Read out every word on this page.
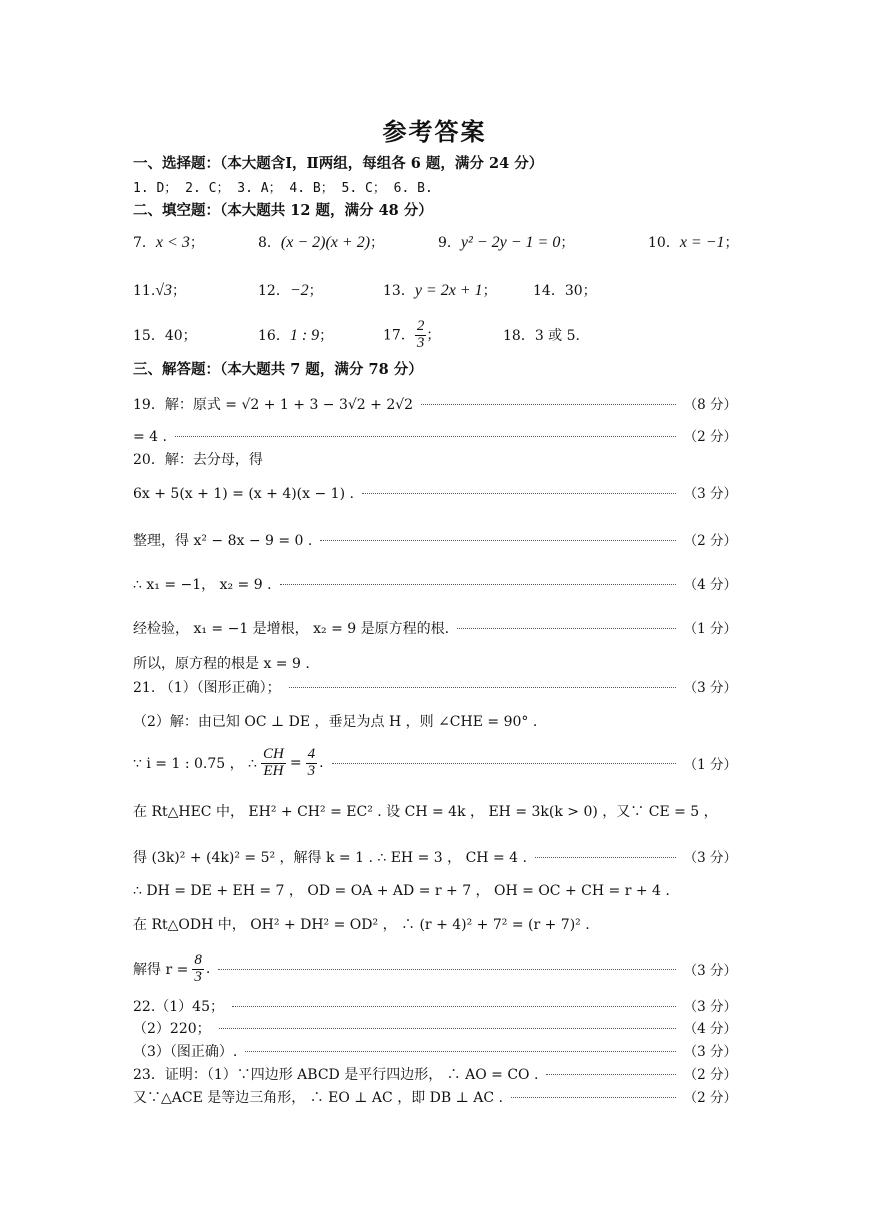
参考答案
一、选择题：（本大题含Ⅰ，Ⅱ两组，每组各 6 题，满分 24 分）
1. D； 2. C； 3. A； 4. B； 5. C； 6. B.
二、填空题：（本大题共 12 题，满分 48 分）
7．x < 3；	8．(x − 2)(x + 2)；	9．y² − 2y − 1 = 0；	10．x = −1；
11.√3；	12．−2；	13．y = 2x + 1；	14．30；
15．40；	16．1 : 9；	17． $\frac{2}{3}$ ；	18．3 或 5.
三、解答题：（本大题共 7 题，满分 78 分）
19．解：原式 = √2 + 1 + 3 − 3√2 + 2√2	（8 分）
= 4 .	（2 分）
20．解：去分母，得
6x + 5(x + 1) = (x + 4)(x − 1) .	（3 分）
整理，得 x² − 8x − 9 = 0 .	（2 分）
∴ x₁ = −1， x₂ = 9 .	（4 分）
经检验， x₁ = −1 是增根， x₂ = 9 是原方程的根.	（1 分）
所以，原方程的根是 x = 9 .
21. （1）（图形正确）；	（3 分）
（2）解：由已知 OC ⊥ DE ，垂足为点 H ，则 ∠CHE = 90° .
∵ i = 1 : 0.75 ， ∴ $\frac{CH}{EH} = \frac{4}{3}$ .	（1 分）
在 Rt△HEC 中， EH² + CH² = EC² . 设 CH = 4k ， EH = 3k(k > 0) ，又∵ CE = 5 ，
得 (3k)² + (4k)² = 5² ，解得 k = 1 . ∴ EH = 3 ， CH = 4 .	（3 分）
∴ DH = DE + EH = 7 ， OD = OA + AD = r + 7 ， OH = OC + CH = r + 4 .
在 Rt△ODH 中， OH² + DH² = OD² ， ∴ (r + 4)² + 7² = (r + 7)² .
解得 $r = \frac{8}{3}$ .	（3 分）
22.（1）45；	（3 分）
（2）220；	（4 分）
（3）（图正确）.	（3 分）
23．证明：（1）∵四边形 ABCD 是平行四边形， ∴ AO = CO .	（2 分）
又∵△ACE 是等边三角形， ∴ EO ⊥ AC ，即 DB ⊥ AC .	（2 分）
